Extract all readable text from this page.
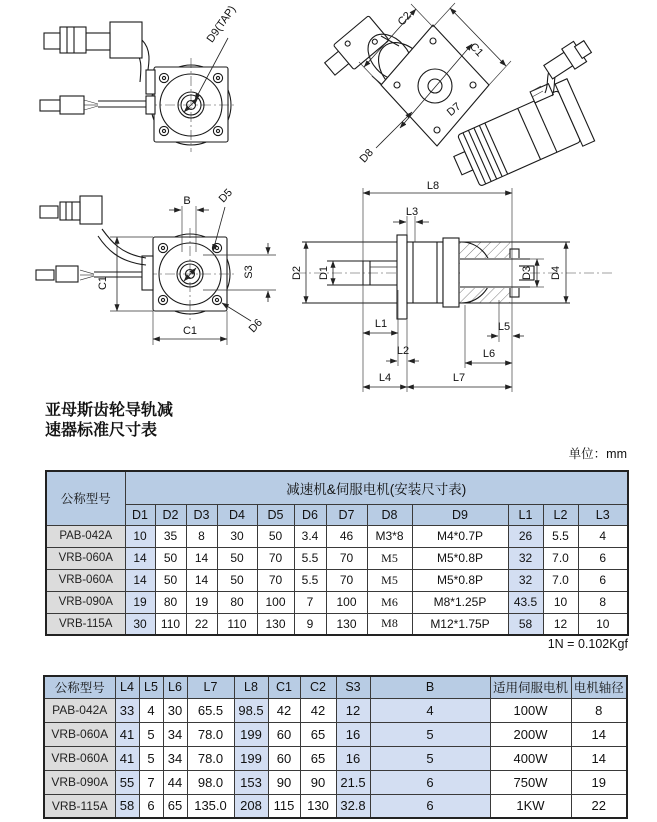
D9(TAP)	C2
C1
D7
D8
B D5
C1
C1
S3
D6
L8
L3
D2 D1	D3 D4
L1
L2
L5
L6
L4	L7
亚母斯齿轮导轨减
速器标准尺寸表
单位：mm
公称型号	减速机&伺服电机(安装尺寸表)											
	D1	D2	D3	D4	D5	D6	D7	D8	D9	L1	L2	L3
PAB-042A	10	35	8	30	50	3.4	46	M3*8	M4*0.7P	26	5.5	4
VRB-060A	14	50	14	50	70	5.5	70	M5	M5*0.8P	32	7.0	6
VRB-060A	14	50	14	50	70	5.5	70	M5	M5*0.8P	32	7.0	6
VRB-090A	19	80	19	80	100	7	100	M6	M8*1.25P	43.5	10	8
VRB-115A	30	110	22	110	130	9	130	M8	M12*1.75P	58	12	10
1N = 0.102Kgf
公称型号	L4	L5	L6	L7	L8	C1	C2	S3	B	适用伺服电机	电机轴径
PAB-042A	33	4	30	65.5	98.5	42	42	12	4	100W	8
VRB-060A	41	5	34	78.0	199	60	65	16	5	200W	14
VRB-060A	41	5	34	78.0	199	60	65	16	5	400W	14
VRB-090A	55	7	44	98.0	153	90	90	21.5	6	750W	19
VRB-115A	58	6	65	135.0	208	115	130	32.8	6	1KW	22
